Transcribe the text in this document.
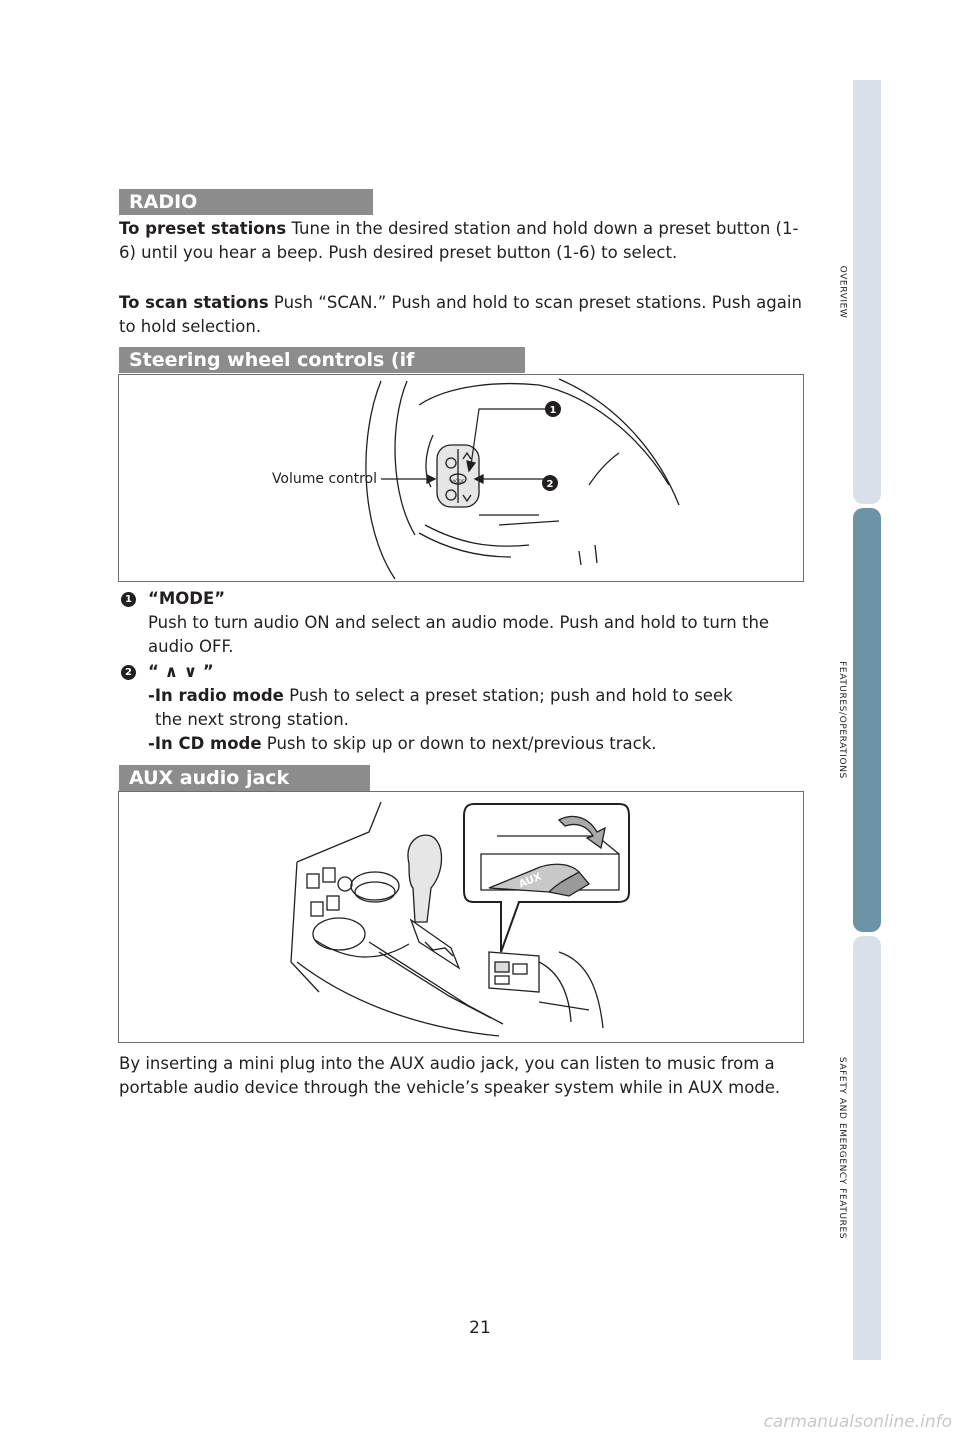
OVERVIEW
FEATURES/OPERATIONS
SAFETY AND EMERGENCY FEATURES
RADIO
To preset stations Tune in the desired station and hold down a preset button (1-6) until you hear a beep. Push desired preset button (1-6) to select.
To scan stations Push “SCAN.” Push and hold to scan preset stations. Push again to hold selection.
Steering wheel controls (if
MODE
1
2
Volume control
1 “MODE”
Push to turn audio ON and select an audio mode. Push and hold to turn the audio OFF.
2 “ ∧ ∨ ”
-In radio mode Push to select a preset station; push and hold to seek
the next strong station.
-In CD mode Push to skip up or down to next/previous track.
AUX audio jack
AUX
By inserting a mini plug into the AUX audio jack, you can listen to music from a portable audio device through the vehicle’s speaker system while in AUX mode.
21
carmanualsonline.info
